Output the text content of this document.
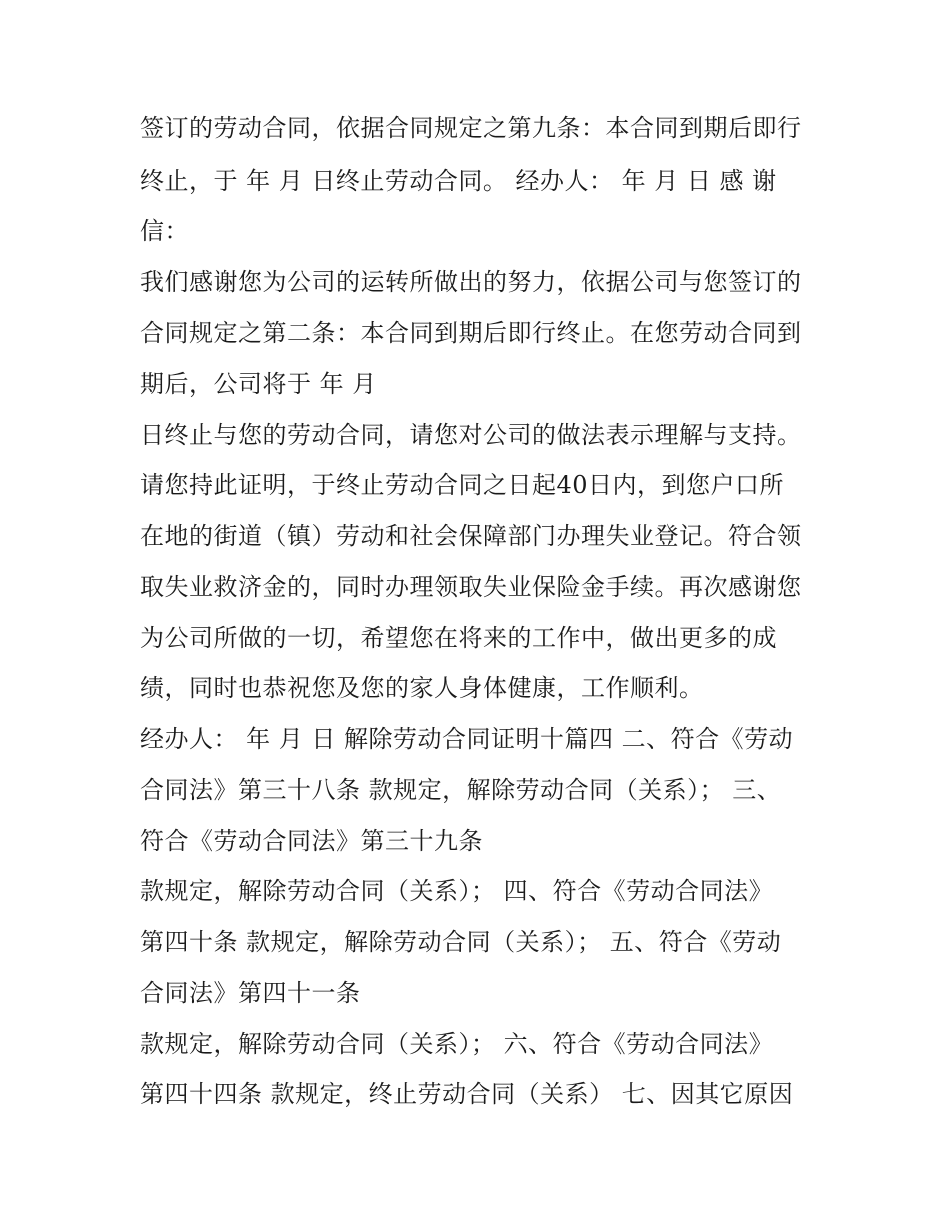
签订的劳动合同，依据合同规定之第九条：本合同到期后即行
终止，于 年 月 日终止劳动合同。 经办人： 年 月 日 感 谢
信：
我们感谢您为公司的运转所做出的努力，依据公司与您签订的
合同规定之第二条：本合同到期后即行终止。在您劳动合同到
期后，公司将于 年 月
日终止与您的劳动合同，请您对公司的做法表示理解与支持。
请您持此证明，于终止劳动合同之日起40日内，到您户口所
在地的街道（镇）劳动和社会保障部门办理失业登记。符合领
取失业救济金的，同时办理领取失业保险金手续。再次感谢您
为公司所做的一切，希望您在将来的工作中，做出更多的成
绩，同时也恭祝您及您的家人身体健康，工作顺利。
经办人： 年 月 日 解除劳动合同证明十篇四 二、符合《劳动
合同法》第三十八条 款规定，解除劳动合同（关系）； 三、
符合《劳动合同法》第三十九条
款规定，解除劳动合同（关系）； 四、符合《劳动合同法》
第四十条 款规定，解除劳动合同（关系）； 五、符合《劳动
合同法》第四十一条
款规定，解除劳动合同（关系）； 六、符合《劳动合同法》
第四十四条 款规定，终止劳动合同（关系） 七、因其它原因
